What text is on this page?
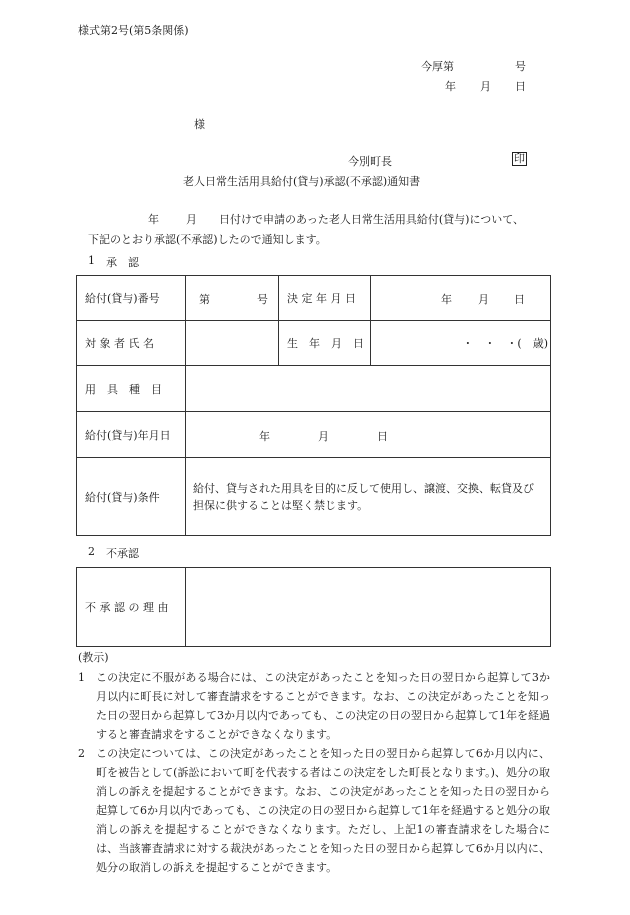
様式第2号(第5条関係)
今厚第	号
年 月 日
様
今別町長	印
老人日常生活用具給付(貸与)承認(不承認)通知書
年 月 日付けで申請のあった老人日常生活用具給付(貸与)について、
下記のとおり承認(不承認)したので通知します。
1 承　認
給付(貸与)番号	第 号	決 定 年 月 日	年 月 日

対 象 者 氏 名		生　年　月　日	・　・　・(　歳)
用　具　種　目			
給付(貸与)年月日	年 月 日		

給付(貸与)条件	給付、貸与された用具を目的に反して使用し、譲渡、交換、転貸及び担保に供することは堅く禁じます。		
2 不承認
不 承 認 の 理 由	
(教示)
1 この決定に不服がある場合には、この決定があったことを知った日の翌日から起算して3か月以内に町長に対して審査請求をすることができます。なお、この決定があったことを知った日の翌日から起算して3か月以内であっても、この決定の日の翌日から起算して1年を経過すると審査請求をすることができなくなります。
2 この決定については、この決定があったことを知った日の翌日から起算して6か月以内に、町を被告として(訴訟において町を代表する者はこの決定をした町長となります。)、処分の取消しの訴えを提起することができます。なお、この決定があったことを知った日の翌日から起算して6か月以内であっても、この決定の日の翌日から起算して1年を経過すると処分の取消しの訴えを提起することができなくなります。ただし、上記1の審査請求をした場合には、当該審査請求に対する裁決があったことを知った日の翌日から起算して6か月以内に、処分の取消しの訴えを提起することができます。
